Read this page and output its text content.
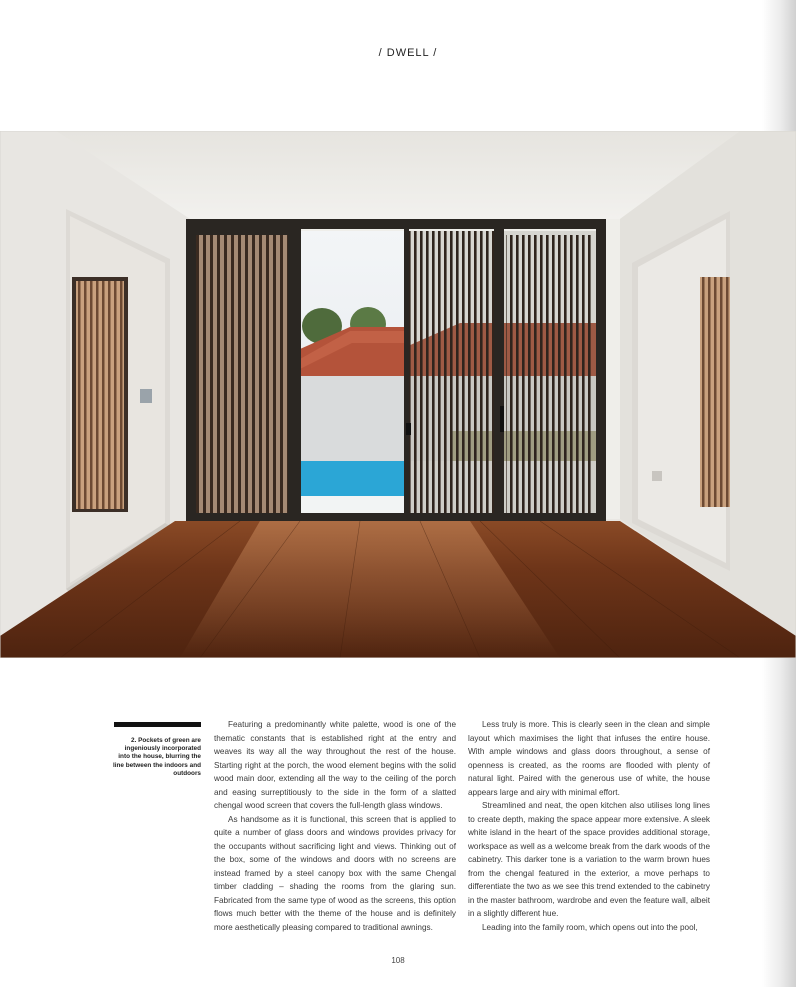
/ DWELL /
2. Pockets of green are ingeniously incorporated into the house, blurring the line between the indoors and outdoors

Featuring a predominantly white palette, wood is one of the thematic constants that is established right at the entry and weaves its way all the way throughout the rest of the house. Starting right at the porch, the wood element begins with the solid wood main door, extending all the way to the ceiling of the porch and easing surreptitiously to the side in the form of a slatted chengal wood screen that covers the full-length glass windows.

As handsome as it is functional, this screen that is applied to quite a number of glass doors and windows provides privacy for the occupants without sacrificing light and views. Thinking out of the box, some of the windows and doors with no screens are instead framed by a steel canopy box with the same Chengal timber cladding – shading the rooms from the glaring sun. Fabricated from the same type of wood as the screens, this option flows much better with the theme of the house and is definitely more aesthetically pleasing compared to traditional awnings.

Less truly is more. This is clearly seen in the clean and simple layout which maximises the light that infuses the entire house. With ample windows and glass doors throughout, a sense of openness is created, as the rooms are flooded with plenty of natural light. Paired with the generous use of white, the house appears large and airy with minimal effort.

Streamlined and neat, the open kitchen also utilises long lines to create depth, making the space appear more extensive. A sleek white island in the heart of the space provides additional storage, workspace as well as a welcome break from the dark woods of the cabinetry. This darker tone is a variation to the warm brown hues from the chengal featured in the exterior, a move perhaps to differentiate the two as we see this trend extended to the cabinetry in the master bathroom, wardrobe and even the feature wall, albeit in a slightly different hue.

Leading into the family room, which opens out into the pool,

108
